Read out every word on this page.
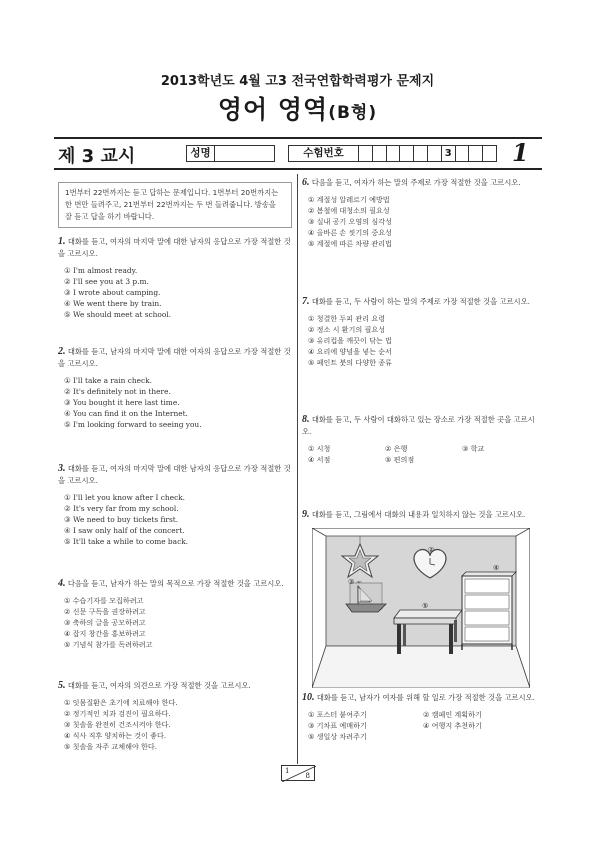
2013학년도 4월 고3 전국연합학력평가 문제지
영어 영역(B형)
제 3 교시	성명	수험번호	3	1
1번부터 22번까지는 듣고 답하는 문제입니다. 1번부터 20번까지는 한 번만 들려주고, 21번부터 22번까지는 두 번 들려줍니다. 방송을 잘 듣고 답을 하기 바랍니다.
1. 대화를 듣고, 여자의 마지막 말에 대한 남자의 응답으로 가장 적절한 것을 고르시오.
① I'm almost ready.
② I'll see you at 3 p.m.
③ I wrote about camping.
④ We went there by train.
⑤ We should meet at school.
2. 대화를 듣고, 남자의 마지막 말에 대한 여자의 응답으로 가장 적절한 것을 고르시오.
① I'll take a rain check.
② It's definitely not in there.
③ You bought it here last time.
④ You can find it on the Internet.
⑤ I'm looking forward to seeing you.
3. 대화를 듣고, 여자의 마지막 말에 대한 남자의 응답으로 가장 적절한 것을 고르시오.
① I'll let you know after I check.
② It's very far from my school.
③ We need to buy tickets first.
④ I saw only half of the concert.
⑤ It'll take a while to come back.
4. 다음을 듣고, 남자가 하는 말의 목적으로 가장 적절한 것을 고르시오.
① 수습기자를 모집하려고
② 신문 구독을 권장하려고
③ 축하의 글을 공모하려고
④ 잡지 창간을 홍보하려고
⑤ 기념식 참가를 독려하려고
5. 대화를 듣고, 여자의 의견으로 가장 적절한 것을 고르시오.
① 잇몸질환은 초기에 치료해야 한다.
② 정기적인 치과 검진이 필요하다.
③ 칫솔을 완전히 건조시켜야 한다.
④ 식사 직후 양치하는 것이 좋다.
⑤ 칫솔을 자주 교체해야 한다.
6. 다음을 듣고, 여자가 하는 말의 주제로 가장 적절한 것을 고르시오.
① 계절성 알레르기 예방법
② 봄철에 대청소의 필요성
③ 실내 공기 오염의 심각성
④ 올바른 손 씻기의 중요성
⑤ 계절에 따른 차량 관리법
7. 대화를 듣고, 두 사람이 하는 말의 주제로 가장 적절한 것을 고르시오.
① 청결한 두피 관리 요령
② 정소 시 환기의 필요성
③ 유리컵을 깨끗이 닦는 법
④ 요리에 양념을 넣는 순서
⑤ 페인트 붓의 다양한 종류
8. 대화를 듣고, 두 사람이 대화하고 있는 장소로 가장 적절한 곳을 고르시오.
① 시청	② 은행	③ 학교
④ 서점	⑤ 편의점
9. 대화를 듣고, 그림에서 대화의 내용과 일치하지 않는 것을 고르시오.
②
③
④
⑤
10. 대화를 듣고, 남자가 여자를 위해 할 일로 가장 적절한 것을 고르시오.
① 포스터 붙여주기	② 캠페인 계획하기
③ 기차표 예매하기	④ 여행지 추천하기
⑤ 생일상 차려주기
1
8
